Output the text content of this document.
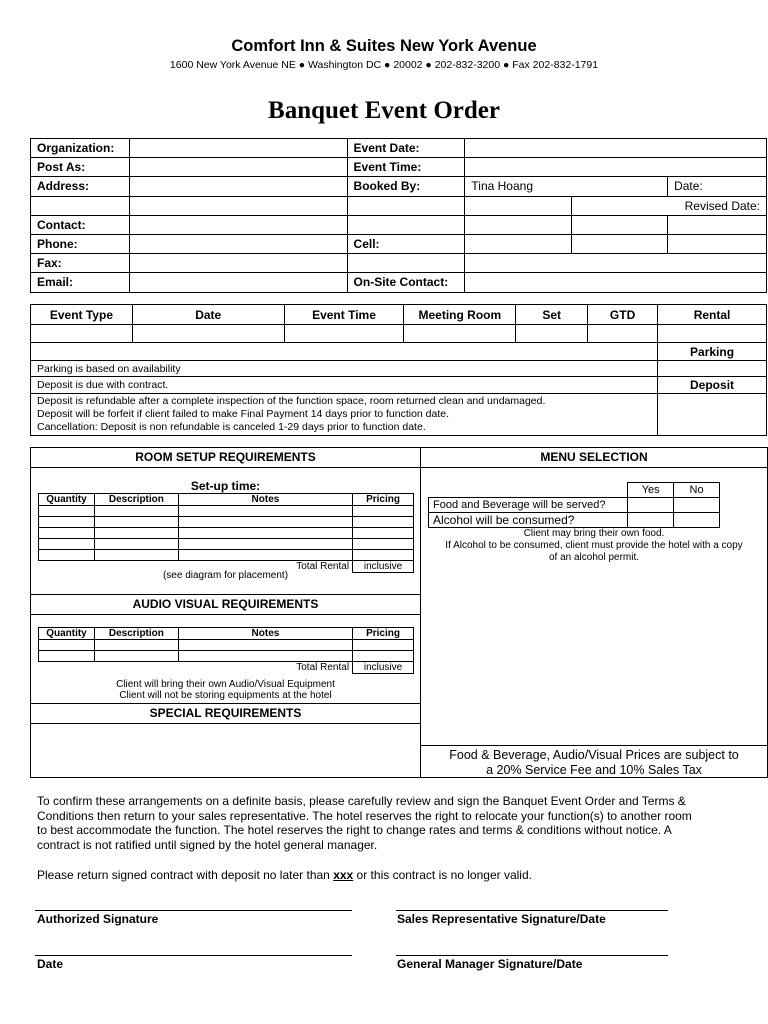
Comfort Inn & Suites New York Avenue
1600 New York Avenue NE ● Washington DC ● 20002 ● 202-832-3200 ● Fax 202-832-1791
Banquet Event Order
Organization:		Event Date:			
Post As:		Event Time:			
Address:		Booked By:	Tina Hoang		Date:
				Revised Date:	
Contact:					
Phone:		Cell:			
Fax:					
Email:		On-Site Contact:			
Event Type	Date	Event Time	Meeting Room	Set	GTD	Rental

						Parking
Parking is based on availability						
Deposit is due with contract.						Deposit

Deposit is refundable after a complete inspection of the function space, room returned clean and undamaged.
Deposit will be forfeit if client failed to make Final Payment 14 days prior to function date.
Cancellation: Deposit is non refundable is canceled 1-29 days prior to function date.						

ROOM SETUP REQUIREMENTS
Set-up time:
Quantity	Description	Notes	Pricing

Total Rental			inclusive
(see diagram for placement)
AUDIO VISUAL REQUIREMENTS
Quantity	Description	Notes	Pricing

Total Rental			inclusive
Client will bring their own Audio/Visual Equipment
Client will not be storing equipments at the hotel
SPECIAL REQUIREMENTS
MENU SELECTION
	Yes	No
Food and Beverage will be served?		
Alcohol will be consumed?		
Client may bring their own food.
If Alcohol to be consumed, client must provide the hotel with a copy
of an alcohol permit.
Food & Beverage, Audio/Visual Prices are subject to
a 20% Service Fee and 10% Sales Tax
To confirm these arrangements on a definite basis, please carefully review and sign the Banquet Event Order and Terms &
Conditions then return to your sales representative. The hotel reserves the right to relocate your function(s) to another room
to best accommodate the function. The hotel reserves the right to change rates and terms & conditions without notice. A
contract is not ratified until signed by the hotel general manager.
Please return signed contract with deposit no later than xxx or this contract is no longer valid.
Authorized Signature	Sales Representative Signature/Date
Date	General Manager Signature/Date
